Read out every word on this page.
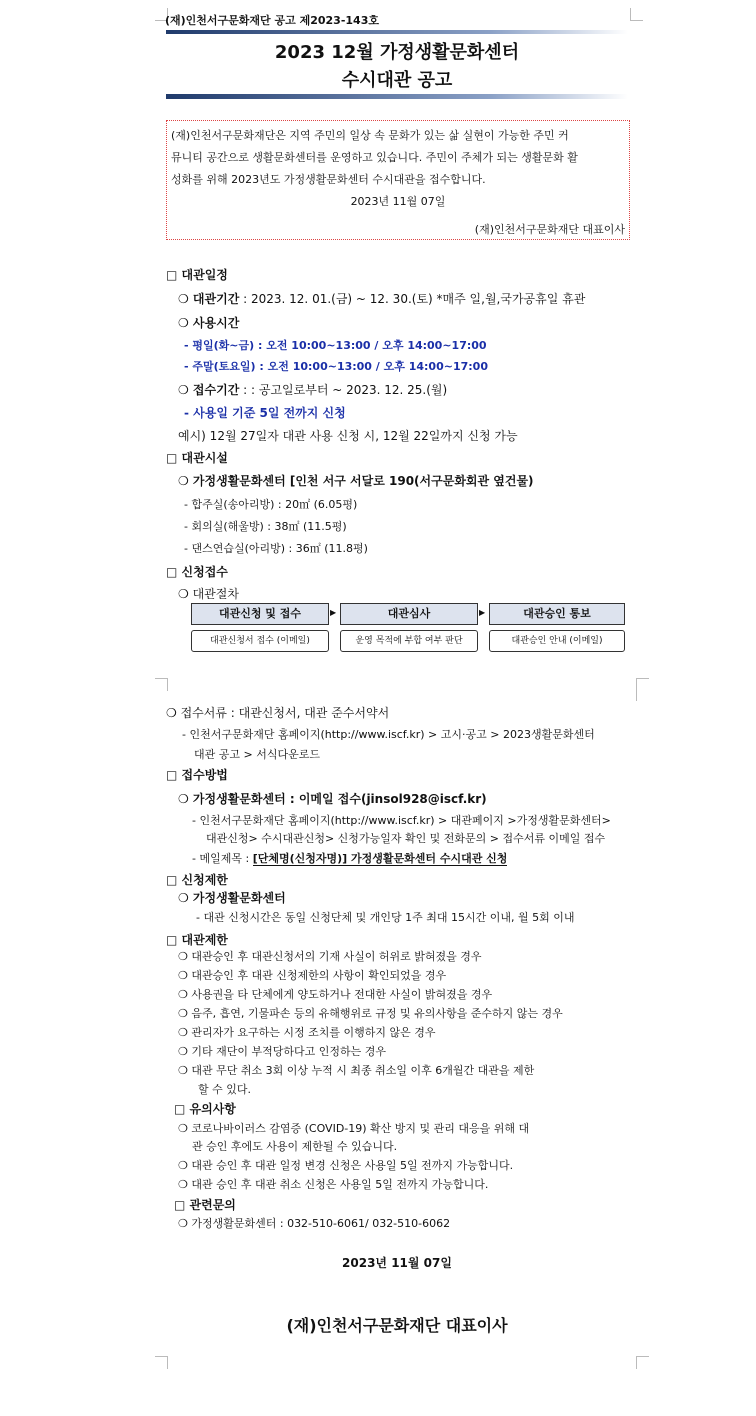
(재)인천서구문화재단 공고 제2023-143호
2023 12월 가정생활문화센터
수시대관 공고
(재)인천서구문화재단은 지역 주민의 일상 속 문화가 있는 삶 실현이 가능한 주민 커
뮤니티 공간으로 생활문화센터를 운영하고 있습니다. 주민이 주체가 되는 생활문화 활
성화를 위해 2023년도 가정생활문화센터 수시대관을 접수합니다.
2023년 11월 07일
(재)인천서구문화재단 대표이사
□ 대관일정
❍ 대관기간 : 2023. 12. 01.(금) ~ 12. 30.(토) *매주 일,월,국가공휴일 휴관
❍ 사용시간
- 평일(화~금) : 오전 10:00~13:00 / 오후 14:00~17:00
- 주말(토요일) : 오전 10:00~13:00 / 오후 14:00~17:00
❍ 접수기간 : : 공고일로부터 ~ 2023. 12. 25.(월)
- 사용일 기준 5일 전까지 신청
예시) 12월 27일자 대관 사용 신청 시, 12월 22일까지 신청 가능
□ 대관시설
❍ 가정생활문화센터 [인천 서구 서달로 190(서구문화회관 옆건물)
- 합주실(송아리방) : 20㎡ (6.05평)
- 회의실(해울방) : 38㎡ (11.5평)
- 댄스연습실(아리방) : 36㎡ (11.8평)
□ 신청접수
❍ 대관절차
대관신청 및 접수	▶	대관심사	▶	대관승인 통보
대관신청서 접수 (이메일)	운영 목적에 부합 여부 판단	대관승인 안내 (이메일)
❍ 접수서류 : 대관신청서, 대관 준수서약서
- 인천서구문화재단 홈페이지(http://www.iscf.kr) > 고시·공고 > 2023생활문화센터
대관 공고 > 서식다운로드
□ 접수방법
❍ 가정생활문화센터 : 이메일 접수(jinsol928@iscf.kr)
- 인천서구문화재단 홈페이지(http://www.iscf.kr) > 대관페이지 >가정생활문화센터>
대관신청> 수시대관신청> 신청가능일자 확인 및 전화문의 > 접수서류 이메일 접수
- 메일제목 : [단체명(신청자명)] 가정생활문화센터 수시대관 신청
□ 신청제한
❍ 가정생활문화센터
- 대관 신청시간은 동일 신청단체 및 개인당 1주 최대 15시간 이내, 월 5회 이내
□ 대관제한
❍ 대관승인 후 대관신청서의 기재 사실이 허위로 밝혀졌을 경우
❍ 대관승인 후 대관 신청제한의 사항이 확인되었을 경우
❍ 사용권을 타 단체에게 양도하거나 전대한 사실이 밝혀졌을 경우
❍ 음주, 흡연, 기물파손 등의 유해행위로 규정 및 유의사항을 준수하지 않는 경우
❍ 관리자가 요구하는 시정 조치를 이행하지 않은 경우
❍ 기타 재단이 부적당하다고 인정하는 경우
❍ 대관 무단 취소 3회 이상 누적 시 최종 취소일 이후 6개월간 대관을 제한
할 수 있다.
□ 유의사항
❍ 코로나바이러스 감염증 (COVID-19) 확산 방지 및 관리 대응을 위해 대
관 승인 후에도 사용이 제한될 수 있습니다.
❍ 대관 승인 후 대관 일정 변경 신청은 사용일 5일 전까지 가능합니다.
❍ 대관 승인 후 대관 취소 신청은 사용일 5일 전까지 가능합니다.
□ 관련문의
❍ 가정생활문화센터 : 032-510-6061/ 032-510-6062
2023년 11월 07일
(재)인천서구문화재단 대표이사
